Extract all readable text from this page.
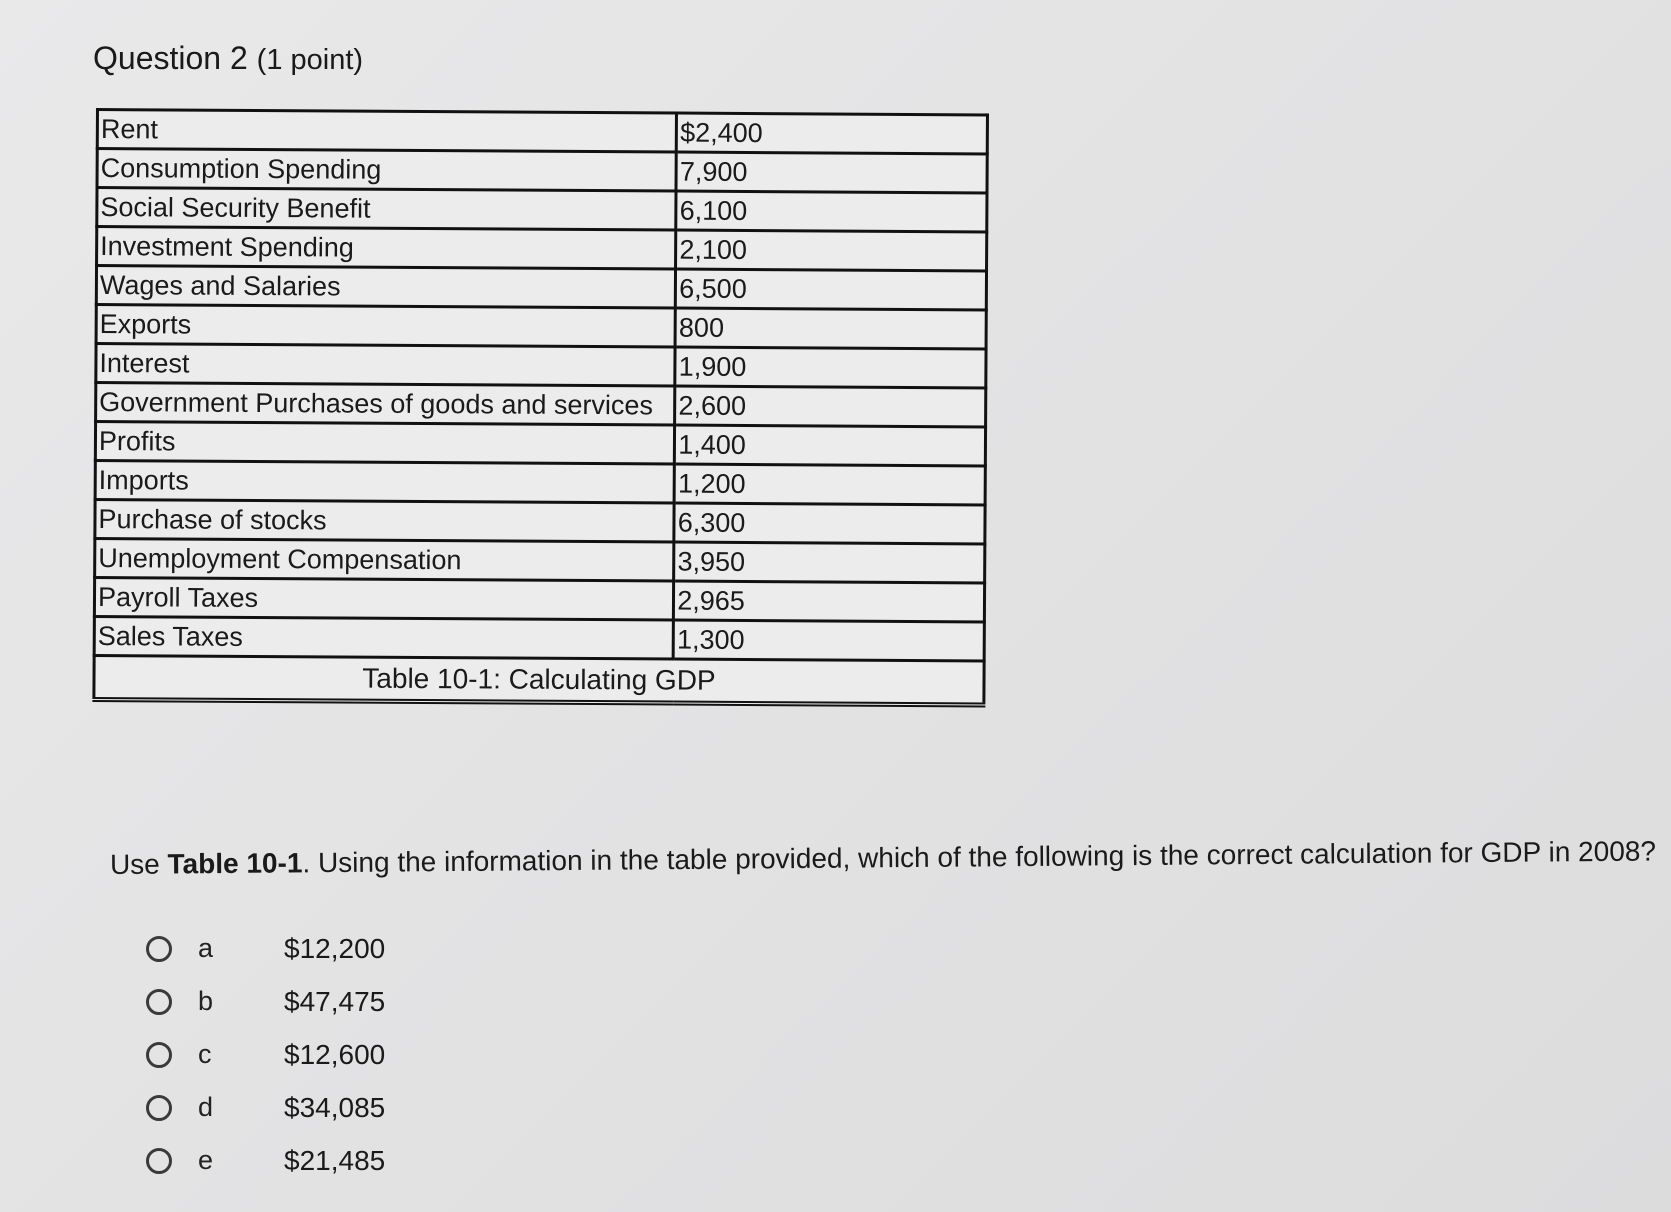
Question 2 (1 point)
Rent	$2,400
Consumption Spending	7,900
Social Security Benefit	6,100
Investment Spending	2,100
Wages and Salaries	6,500
Exports	800
Interest	1,900
Government Purchases of goods and services	2,600
Profits	1,400
Imports	1,200
Purchase of stocks	6,300
Unemployment Compensation	3,950
Payroll Taxes	2,965
Sales Taxes	1,300
Table 10-1: Calculating GDP	
Use Table 10-1. Using the information in the table provided, which of the following is the correct calculation for GDP in 2008?
a	$12,200
b	$47,475
c	$12,600
d	$34,085
e	$21,485
